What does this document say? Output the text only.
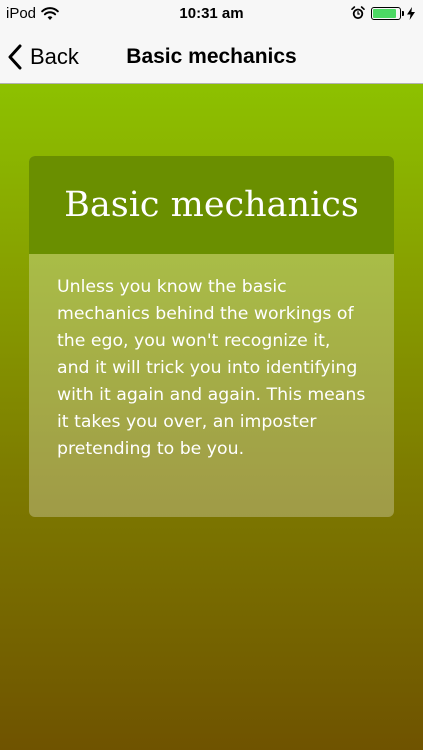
iPod	10:31 am
Back	Basic mechanics
Basic mechanics
Unless you know the basic mechanics behind the workings of the ego, you won't recognize it, and it will trick you into identifying with it again and again. This means it takes you over, an imposter pretending to be you.
